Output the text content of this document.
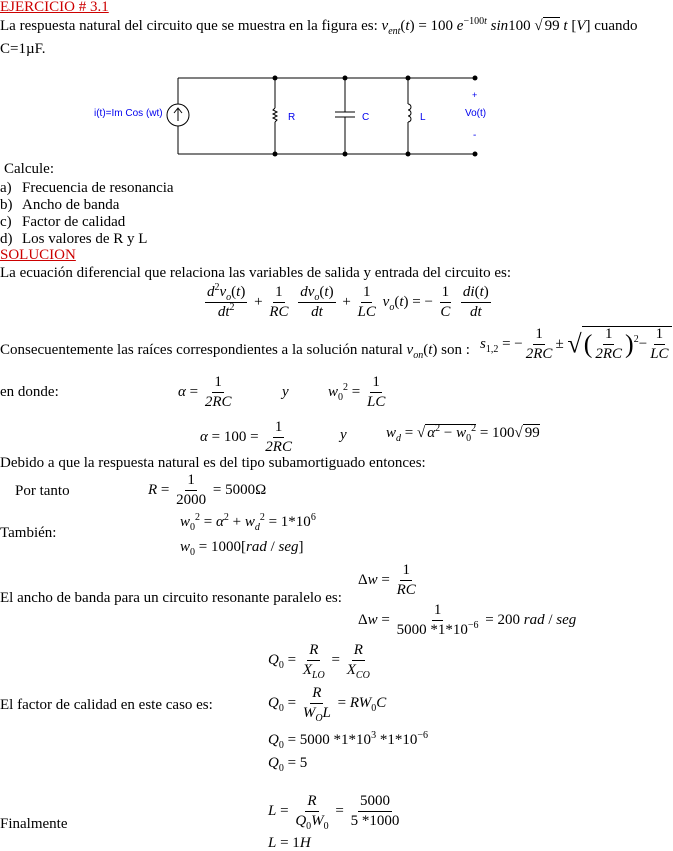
EJERCICIO # 3.1
La respuesta natural del circuito que se muestra en la figura es: $v_{ent}(t) = 100$ $e^{-100t}$ sin100 √ 99 t [V] cuando
C=1µF.
i(t)=Im Cos (wt)	R	C	L	Vo(t)
+
-
Calcule:
a) Frecuencia de resonancia
b) Ancho de banda
c) Factor de calidad
d) Los valores de R y L
SOLUCION
La ecuación diferencial que relaciona las variables de salida y entrada del circuito es:
$\frac{d^2v_o(t)}{dt^2} + \frac{1}{RC}$
$\frac{dv_o(t)}{dt} + \frac{1}{LC} v_o(t)$ = − $\frac{1}{C}$
$\frac{di(t)}{dt}$
Consecuentemente las raíces correspondientes a la solución natural $v_{on}(t)$ son : $s_{1,2}$ = − $\frac{1}{2RC}$ ± √( $\frac{1}{2RC} )^2- \frac{1}{LC}$
en donde:	$\alpha = \frac{1}{2RC}$	y	$w_0^2 = \frac{1}{LC}$
$\alpha = 100 = \frac{1}{2RC}$	y	$w_d$ = √ $\alpha^2 - w_0^2 = 100√$ 99
Debido a que la respuesta natural es del tipo subamortiguado entonces:
Por tanto	$R = \frac{1}{2000} = 5000\Omega$
También:
$w_0^2 = \alpha^2 + w_d^2 = 1*10^6$
$w_0 = 1000[rad / seg]$
El ancho de banda para un circuito resonante paralelo es:
$\Delta w = \frac{1}{RC}$
$\Delta w = \frac{1}{5000 *1*10^{-6}} = 200$ rad / seg
$Q_0 = \frac{R}{X_{LO}} = \frac{R}{X_{CO}}$
El factor de calidad en este caso es:	$Q_0 = \frac{R}{W_OL} = RW_0C$
$Q_0 = 5000$ $*1*10^3$ $*1*10^{-6}$
$Q_0 = 5$
Finalmente
$L = \frac{R}{Q_0W_0} = \frac{5000}{5 *1000}$
L = 1H
